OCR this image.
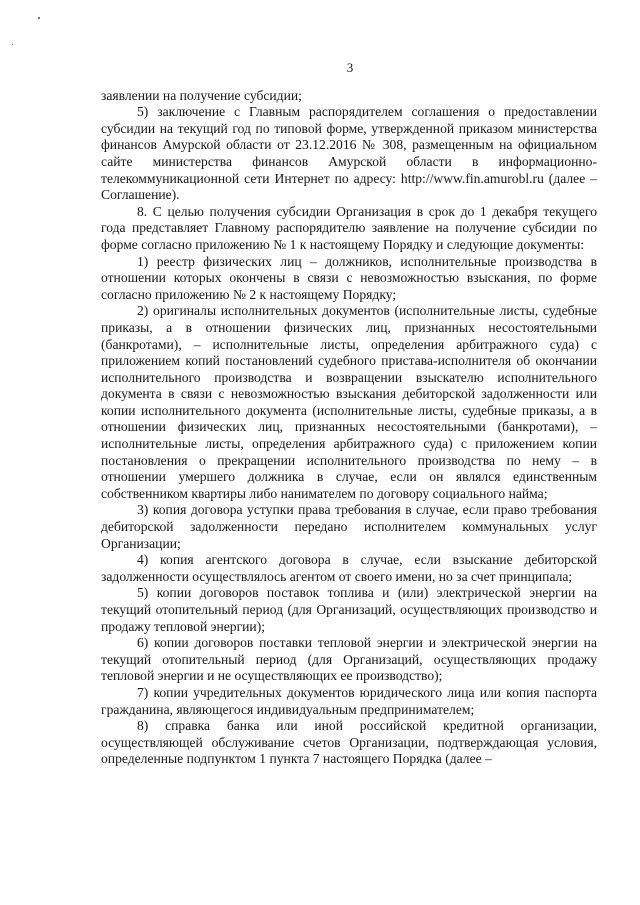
3

заявлении на получение субсидии;

5) заключение с Главным распорядителем соглашения о предоставлении субсидии на текущий год по типовой форме, утвержденной приказом министерства финансов Амурской области от 23.12.2016 № 308, размещенным на официальном сайте министерства финансов Амурской области в информационно-телекоммуникационной сети Интернет по адресу: http://www.fin.amurobl.ru (далее – Соглашение).

8. С целью получения субсидии Организация в срок до 1 декабря текущего года представляет Главному распорядителю заявление на получение субсидии по форме согласно приложению № 1 к настоящему Порядку и следующие документы:

1) реестр физических лиц – должников, исполнительные производства в отношении которых окончены в связи с невозможностью взыскания, по форме согласно приложению № 2 к настоящему Порядку;

2) оригиналы исполнительных документов (исполнительные листы, судебные приказы, а в отношении физических лиц, признанных несостоятельными (банкротами), – исполнительные листы, определения арбитражного суда) с приложением копий постановлений судебного пристава-исполнителя об окончании исполнительного производства и возвращении взыскателю исполнительного документа в связи с невозможностью взыскания дебиторской задолженности или копии исполнительного документа (исполнительные листы, судебные приказы, а в отношении физических лиц, признанных несостоятельными (банкротами), – исполнительные листы, определения арбитражного суда) с приложением копии постановления о прекращении исполнительного производства по нему – в отношении умершего должника в случае, если он являлся единственным собственником квартиры либо нанимателем по договору социального найма;

3) копия договора уступки права требования в случае, если право требования дебиторской задолженности передано исполнителем коммунальных услуг Организации;

4) копия агентского договора в случае, если взыскание дебиторской задолженности осуществлялось агентом от своего имени, но за счет принципала;

5) копии договоров поставок топлива и (или) электрической энергии на текущий отопительный период (для Организаций, осуществляющих производство и продажу тепловой энергии);

6) копии договоров поставки тепловой энергии и электрической энергии на текущий отопительный период (для Организаций, осуществляющих продажу тепловой энергии и не осуществляющих ее производство);

7) копии учредительных документов юридического лица или копия паспорта гражданина, являющегося индивидуальным предпринимателем;

8) справка банка или иной российской кредитной организации, осуществляющей обслуживание счетов Организации, подтверждающая условия, определенные подпунктом 1 пункта 7 настоящего Порядка (далее –
